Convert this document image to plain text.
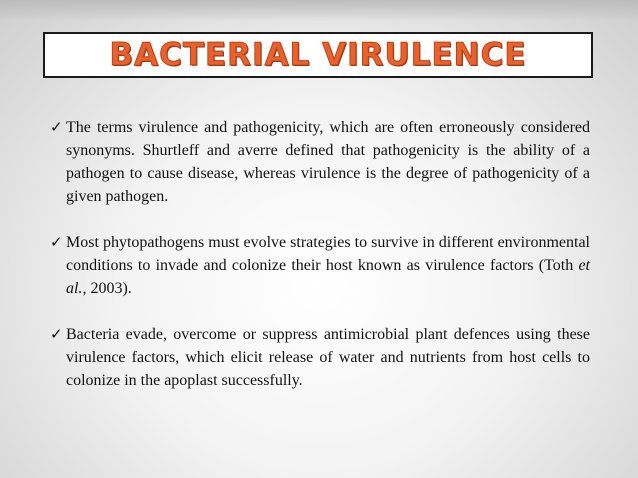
BACTERIAL VIRULENCE
✓ The terms virulence and pathogenicity, which are often erroneously considered synonyms. Shurtleff and averre defined that pathogenicity is the ability of a pathogen to cause disease, whereas virulence is the degree of pathogenicity of a given pathogen.
✓ Most phytopathogens must evolve strategies to survive in different environmental conditions to invade and colonize their host known as virulence factors (Toth et al., 2003).
✓ Bacteria evade, overcome or suppress antimicrobial plant defences using these virulence factors, which elicit release of water and nutrients from host cells to colonize in the apoplast successfully.
